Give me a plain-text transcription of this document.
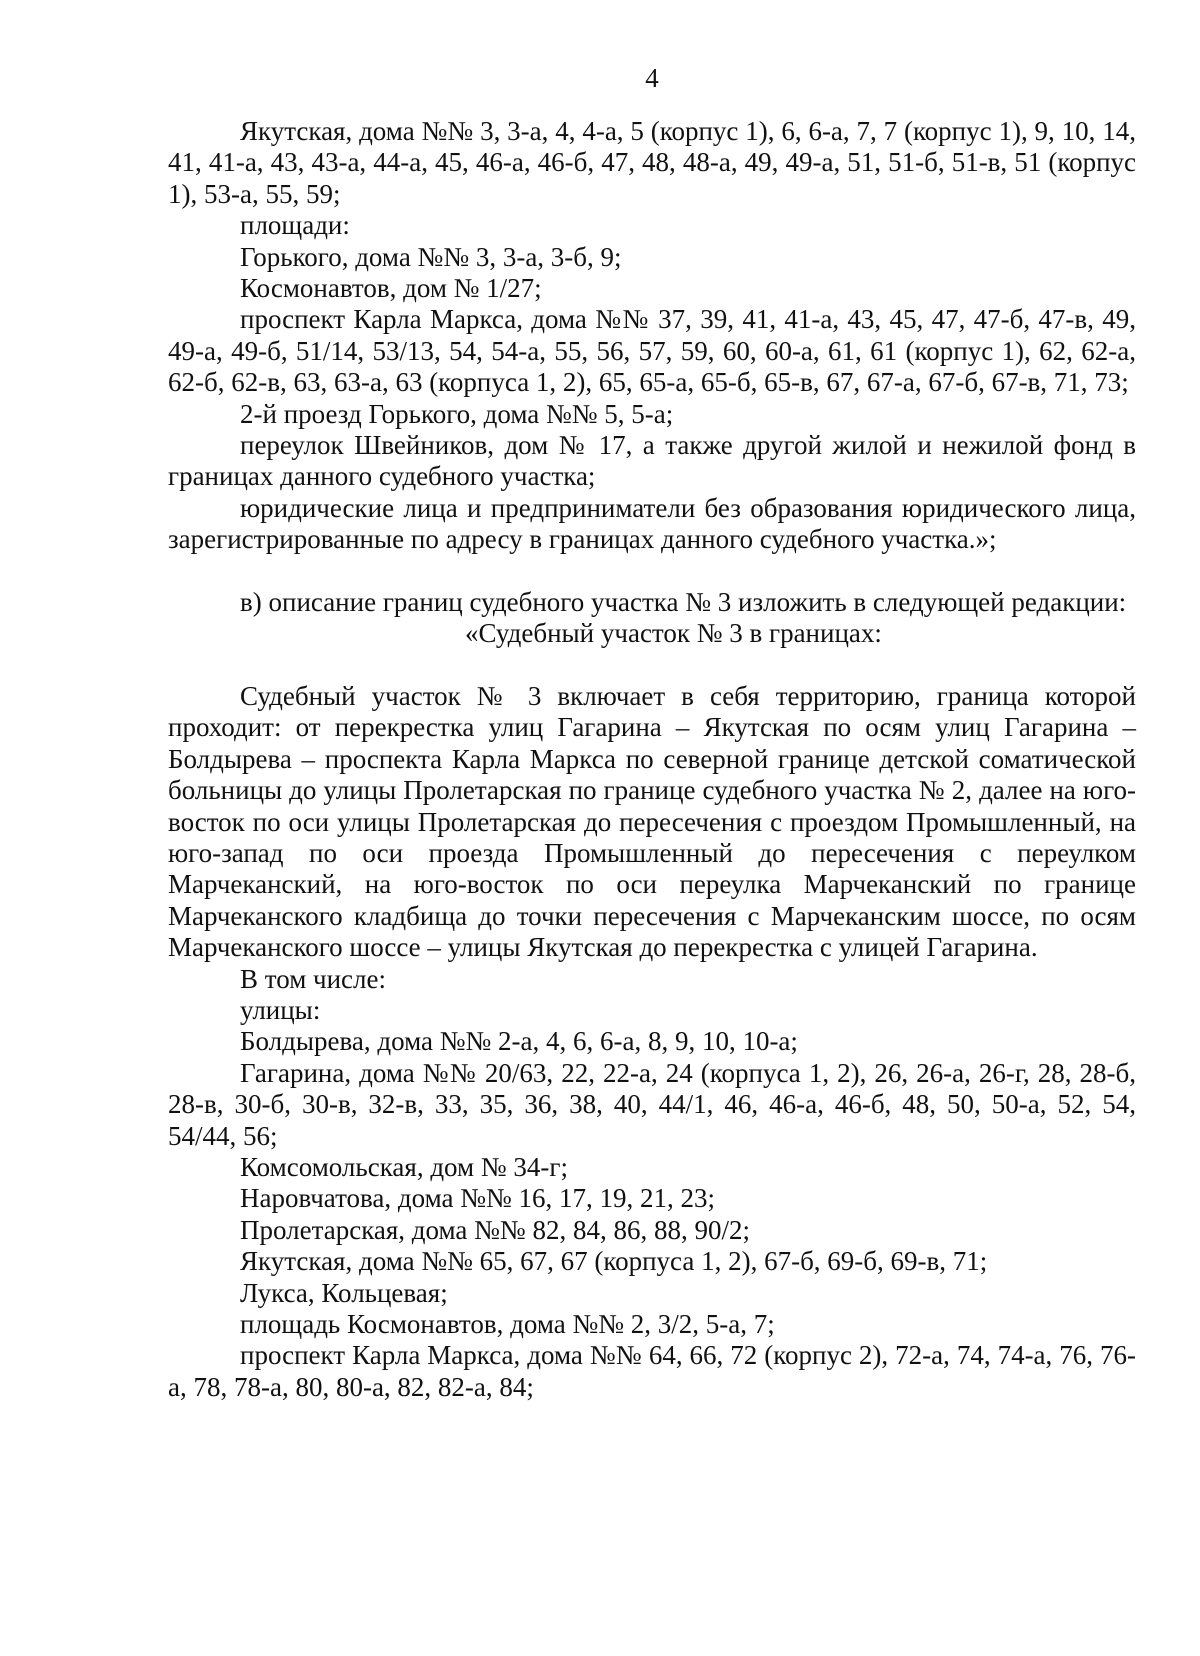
4

Якутская, дома №№ 3, 3-а, 4, 4-а, 5 (корпус 1), 6, 6-а, 7, 7 (корпус 1), 9, 10, 14, 41, 41-а, 43, 43-а, 44-а, 45, 46-а, 46-б, 47, 48, 48-а, 49, 49-а, 51, 51-б, 51-в, 51 (корпус 1), 53-а, 55, 59;

площади:

Горького, дома №№ 3, 3-а, 3-б, 9;

Космонавтов, дом № 1/27;

проспект Карла Маркса, дома №№ 37, 39, 41, 41-а, 43, 45, 47, 47-б, 47-в, 49, 49-а, 49-б, 51/14, 53/13, 54, 54-а, 55, 56, 57, 59, 60, 60-а, 61, 61 (корпус 1), 62, 62-а, 62-б, 62-в, 63, 63-а, 63 (корпуса 1, 2), 65, 65-а, 65-б, 65-в, 67, 67-а, 67-б, 67-в, 71, 73;

2-й проезд Горького, дома №№ 5, 5-а;

переулок Швейников, дом № 17, а также другой жилой и нежилой фонд в границах данного судебного участка;

юридические лица и предприниматели без образования юридического лица, зарегистрированные по адресу в границах данного судебного участка.»;

в) описание границ судебного участка № 3 изложить в следующей редакции:

«Судебный участок № 3 в границах:

Судебный участок № 3 включает в себя территорию, граница которой проходит: от перекрестка улиц Гагарина – Якутская по осям улиц Гагарина – Болдырева – проспекта Карла Маркса по северной границе детской соматической больницы до улицы Пролетарская по границе судебного участка № 2, далее на юго-восток по оси улицы Пролетарская до пересечения с проездом Промышленный, на юго-запад по оси проезда Промышленный до пересечения с переулком Марчеканский, на юго-восток по оси переулка Марчеканский по границе Марчеканского кладбища до точки пересечения с Марчеканским шоссе, по осям Марчеканского шоссе – улицы Якутская до перекрестка с улицей Гагарина.

В том числе:

улицы:

Болдырева, дома №№ 2-а, 4, 6, 6-а, 8, 9, 10, 10-а;

Гагарина, дома №№ 20/63, 22, 22-а, 24 (корпуса 1, 2), 26, 26-а, 26-г, 28, 28-б, 28-в, 30-б, 30-в, 32-в, 33, 35, 36, 38, 40, 44/1, 46, 46-а, 46-б, 48, 50, 50-а, 52, 54, 54/44, 56;

Комсомольская, дом № 34-г;

Наровчатова, дома №№ 16, 17, 19, 21, 23;

Пролетарская, дома №№ 82, 84, 86, 88, 90/2;

Якутская, дома №№ 65, 67, 67 (корпуса 1, 2), 67-б, 69-б, 69-в, 71;

Лукса, Кольцевая;

площадь Космонавтов, дома №№ 2, 3/2, 5-а, 7;

проспект Карла Маркса, дома №№ 64, 66, 72 (корпус 2), 72-а, 74, 74-а, 76, 76-а, 78, 78-а, 80, 80-а, 82, 82-а, 84;
